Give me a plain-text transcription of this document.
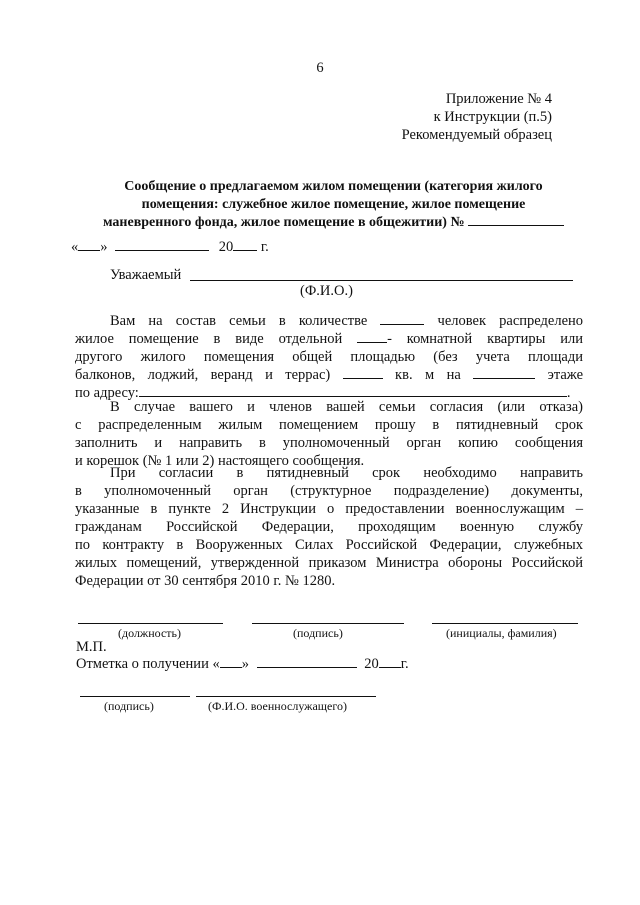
6
Приложение № 4
к Инструкции (п.5)
Рекомендуемый образец
Сообщение о предлагаемом жилом помещении (категория жилого помещения: служебное жилое помещение, жилое помещение маневренного фонда, жилое помещение в общежитии) №
« »	20 г.
Уважаемый
(Ф.И.О.)
Вам на состав семьи в количестве	человек распределено
жилое помещение в виде отдельной	- комнатной квартиры или
другого жилого помещения общей площадью (без учета площади
балконов, лоджий, веранд и террас)	кв. м на	этаже
по адресу:	.
В случае вашего и членов вашей семьи согласия (или отказа)
с распределенным жилым помещением прошу в пятидневный срок
заполнить и направить в уполномоченный орган копию сообщения
и корешок (№ 1 или 2) настоящего сообщения.
При согласии в пятидневный срок необходимо направить
в уполномоченный орган (структурное подразделение) документы,
указанные в пункте 2 Инструкции о предоставлении военнослужащим –
гражданам Российской Федерации, проходящим военную службу
по контракту в Вооруженных Силах Российской Федерации, служебных
жилых помещений, утвержденной приказом Министра обороны Российской
Федерации от 30 сентября 2010 г. № 1280.
(должность)	(подпись)	(инициалы, фамилия)
М.П.
Отметка о получении « »	20 г.
(подпись)	(Ф.И.О. военнослужащего)
